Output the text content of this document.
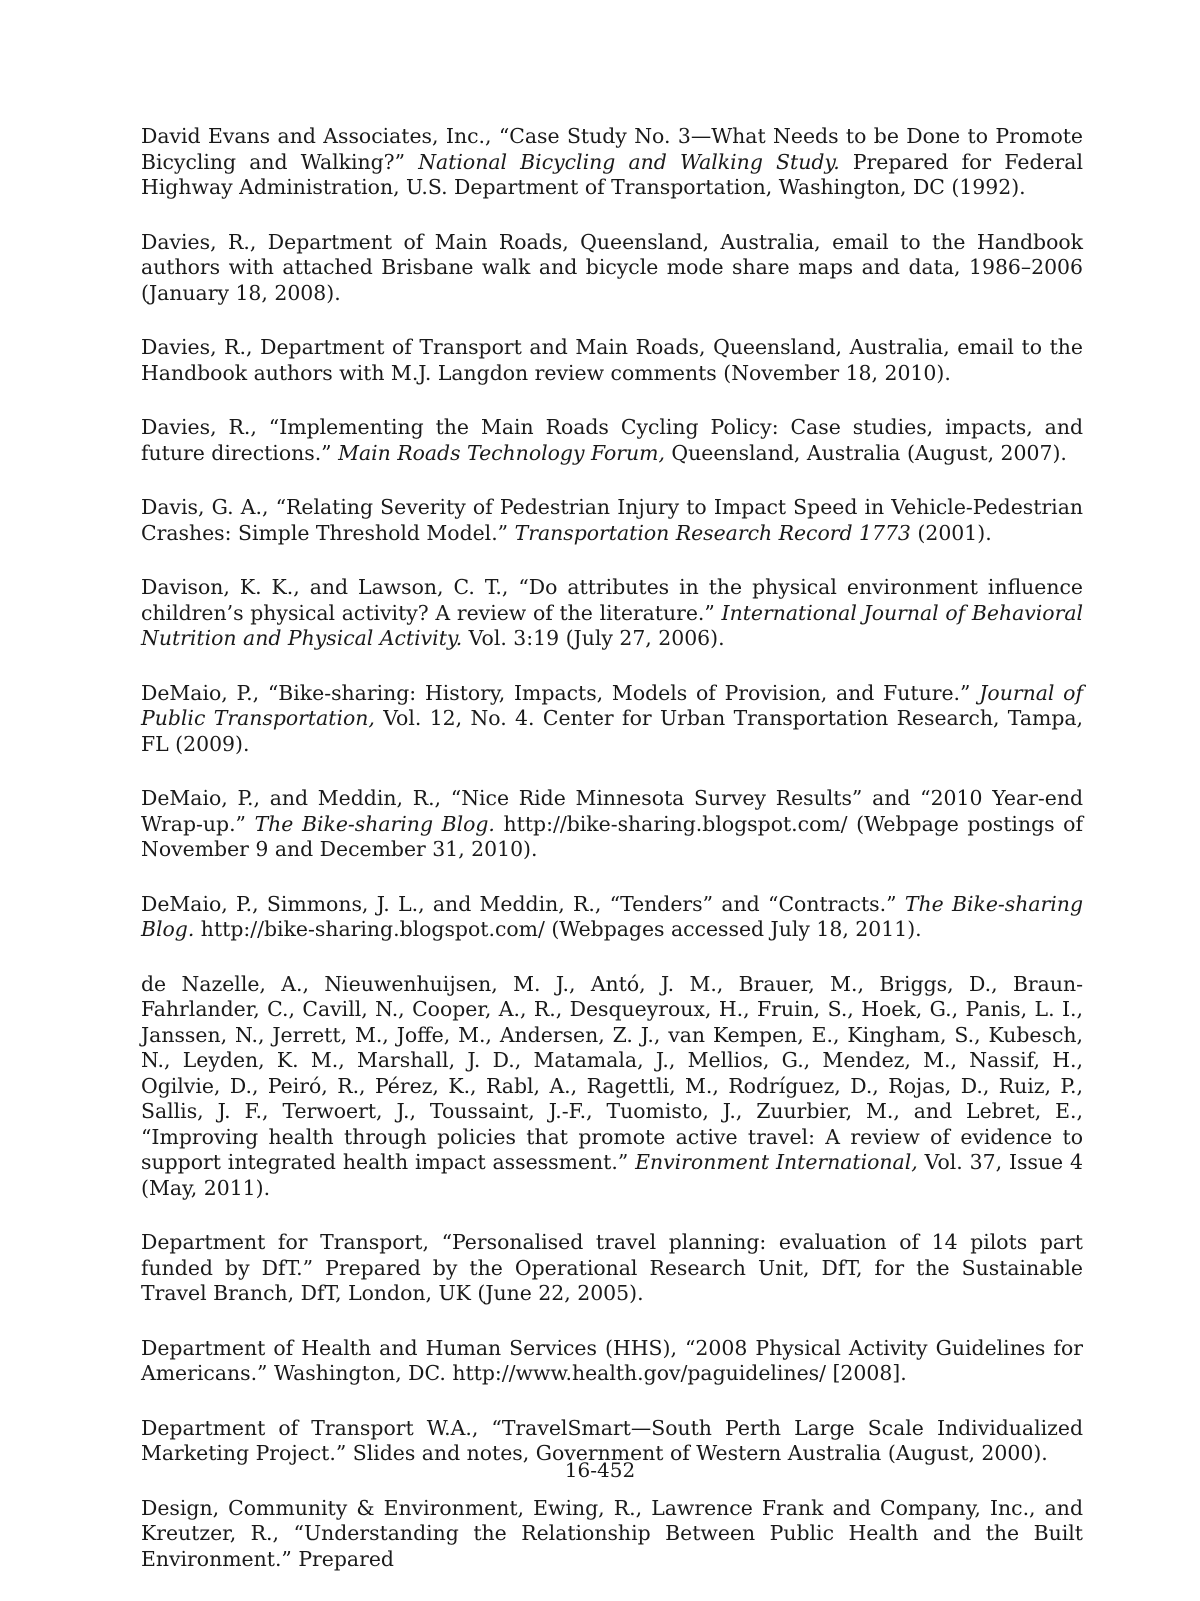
David Evans and Associates, Inc., “Case Study No. 3—What Needs to be Done to Promote Bicycling and Walking?” National Bicycling and Walking Study. Prepared for Federal Highway Administration, U.S. Department of Transportation, Washington, DC (1992).

Davies, R., Department of Main Roads, Queensland, Australia, email to the Handbook authors with attached Brisbane walk and bicycle mode share maps and data, 1986–2006 (January 18, 2008).

Davies, R., Department of Transport and Main Roads, Queensland, Australia, email to the Handbook authors with M.J. Langdon review comments (November 18, 2010).

Davies, R., “Implementing the Main Roads Cycling Policy: Case studies, impacts, and future directions.” Main Roads Technology Forum, Queensland, Australia (August, 2007).

Davis, G. A., “Relating Severity of Pedestrian Injury to Impact Speed in Vehicle-Pedestrian Crashes: Simple Threshold Model.” Transportation Research Record 1773 (2001).

Davison, K. K., and Lawson, C. T., “Do attributes in the physical environment influence children’s physical activity? A review of the literature.” International Journal of Behavioral Nutrition and Physical Activity. Vol. 3:19 (July 27, 2006).

DeMaio, P., “Bike-sharing: History, Impacts, Models of Provision, and Future.” Journal of Public Transportation, Vol. 12, No. 4. Center for Urban Transportation Research, Tampa, FL (2009).

DeMaio, P., and Meddin, R., “Nice Ride Minnesota Survey Results” and “2010 Year-end Wrap-up.” The Bike-sharing Blog. http://bike-sharing.blogspot.com/ (Webpage postings of November 9 and December 31, 2010).

DeMaio, P., Simmons, J. L., and Meddin, R., “Tenders” and “Contracts.” The Bike-sharing Blog. http://bike-sharing.blogspot.com/ (Webpages accessed July 18, 2011).

de Nazelle, A., Nieuwenhuijsen, M. J., Antó, J. M., Brauer, M., Briggs, D., Braun-Fahrlander, C., Cavill, N., Cooper, A., R., Desqueyroux, H., Fruin, S., Hoek, G., Panis, L. I., Janssen, N., Jerrett, M., Joffe, M., Andersen, Z. J., van Kempen, E., Kingham, S., Kubesch, N., Leyden, K. M., Marshall, J. D., Matamala, J., Mellios, G., Mendez, M., Nassif, H., Ogilvie, D., Peiró, R., Pérez, K., Rabl, A., Ragettli, M., Rodríguez, D., Rojas, D., Ruiz, P., Sallis, J. F., Terwoert, J., Toussaint, J.-F., Tuomisto, J., Zuurbier, M., and Lebret, E., “Improving health through policies that promote active travel: A review of evidence to support integrated health impact assessment.” Environment International, Vol. 37, Issue 4 (May, 2011).

Department for Transport, “Personalised travel planning: evaluation of 14 pilots part funded by DfT.” Prepared by the Operational Research Unit, DfT, for the Sustainable Travel Branch, DfT, London, UK (June 22, 2005).

Department of Health and Human Services (HHS), “2008 Physical Activity Guidelines for Americans.” Washington, DC. http://www.health.gov/paguidelines/ [2008].

Department of Transport W.A., “TravelSmart—South Perth Large Scale Individualized Marketing Project.” Slides and notes, Government of Western Australia (August, 2000).

Design, Community & Environment, Ewing, R., Lawrence Frank and Company, Inc., and Kreutzer, R., “Understanding the Relationship Between Public Health and the Built Environment.” Prepared

16-452
